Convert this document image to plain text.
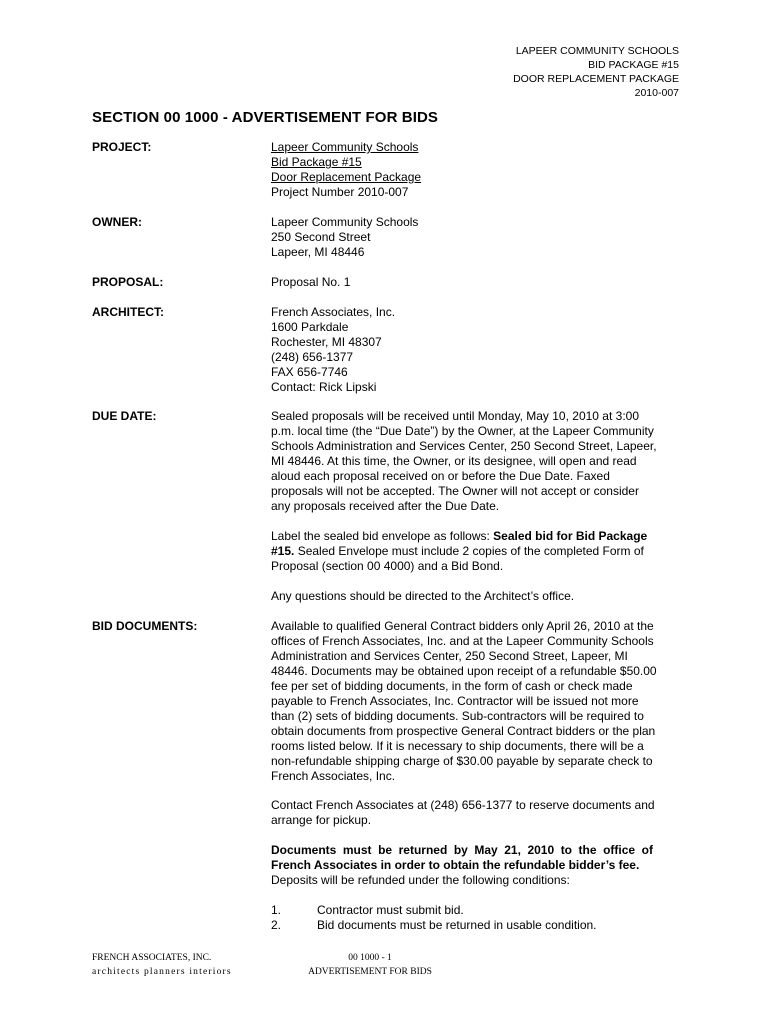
LAPEER COMMUNITY SCHOOLS
BID PACKAGE #15
DOOR REPLACEMENT PACKAGE
2010-007
SECTION 00 1000 - ADVERTISEMENT FOR BIDS
PROJECT:	Lapeer Community Schools
Bid Package #15
Door Replacement Package
Project Number 2010-007
OWNER:	Lapeer Community Schools
250 Second Street
Lapeer, MI 48446
PROPOSAL:	Proposal No. 1
ARCHITECT:	French Associates, Inc.
1600 Parkdale
Rochester, MI 48307
(248) 656-1377
FAX 656-7746
Contact: Rick Lipski
DUE DATE:	Sealed proposals will be received until Monday, May 10, 2010 at 3:00
p.m. local time (the “Due Date”) by the Owner, at the Lapeer Community
Schools Administration and Services Center, 250 Second Street, Lapeer,
MI 48446. At this time, the Owner, or its designee, will open and read
aloud each proposal received on or before the Due Date. Faxed
proposals will not be accepted. The Owner will not accept or consider
any proposals received after the Due Date.
Label the sealed bid envelope as follows: Sealed bid for Bid Package
#15. Sealed Envelope must include 2 copies of the completed Form of
Proposal (section 00 4000) and a Bid Bond.
Any questions should be directed to the Architect’s office.
BID DOCUMENTS:	Available to qualified General Contract bidders only April 26, 2010 at the
offices of French Associates, Inc. and at the Lapeer Community Schools
Administration and Services Center, 250 Second Street, Lapeer, MI
48446. Documents may be obtained upon receipt of a refundable $50.00
fee per set of bidding documents, in the form of cash or check made
payable to French Associates, Inc. Contractor will be issued not more
than (2) sets of bidding documents. Sub-contractors will be required to
obtain documents from prospective General Contract bidders or the plan
rooms listed below. If it is necessary to ship documents, there will be a
non-refundable shipping charge of $30.00 payable by separate check to
French Associates, Inc.
Contact French Associates at (248) 656-1377 to reserve documents and
arrange for pickup.
Documents must be returned by May 21, 2010 to the office of
French Associates in order to obtain the refundable bidder’s fee.
Deposits will be refunded under the following conditions:
1.	Contractor must submit bid.
2.	Bid documents must be returned in usable condition.
FRENCH ASSOCIATES, INC.
architects planners interiors
00 1000 - 1
ADVERTISEMENT FOR BIDS
